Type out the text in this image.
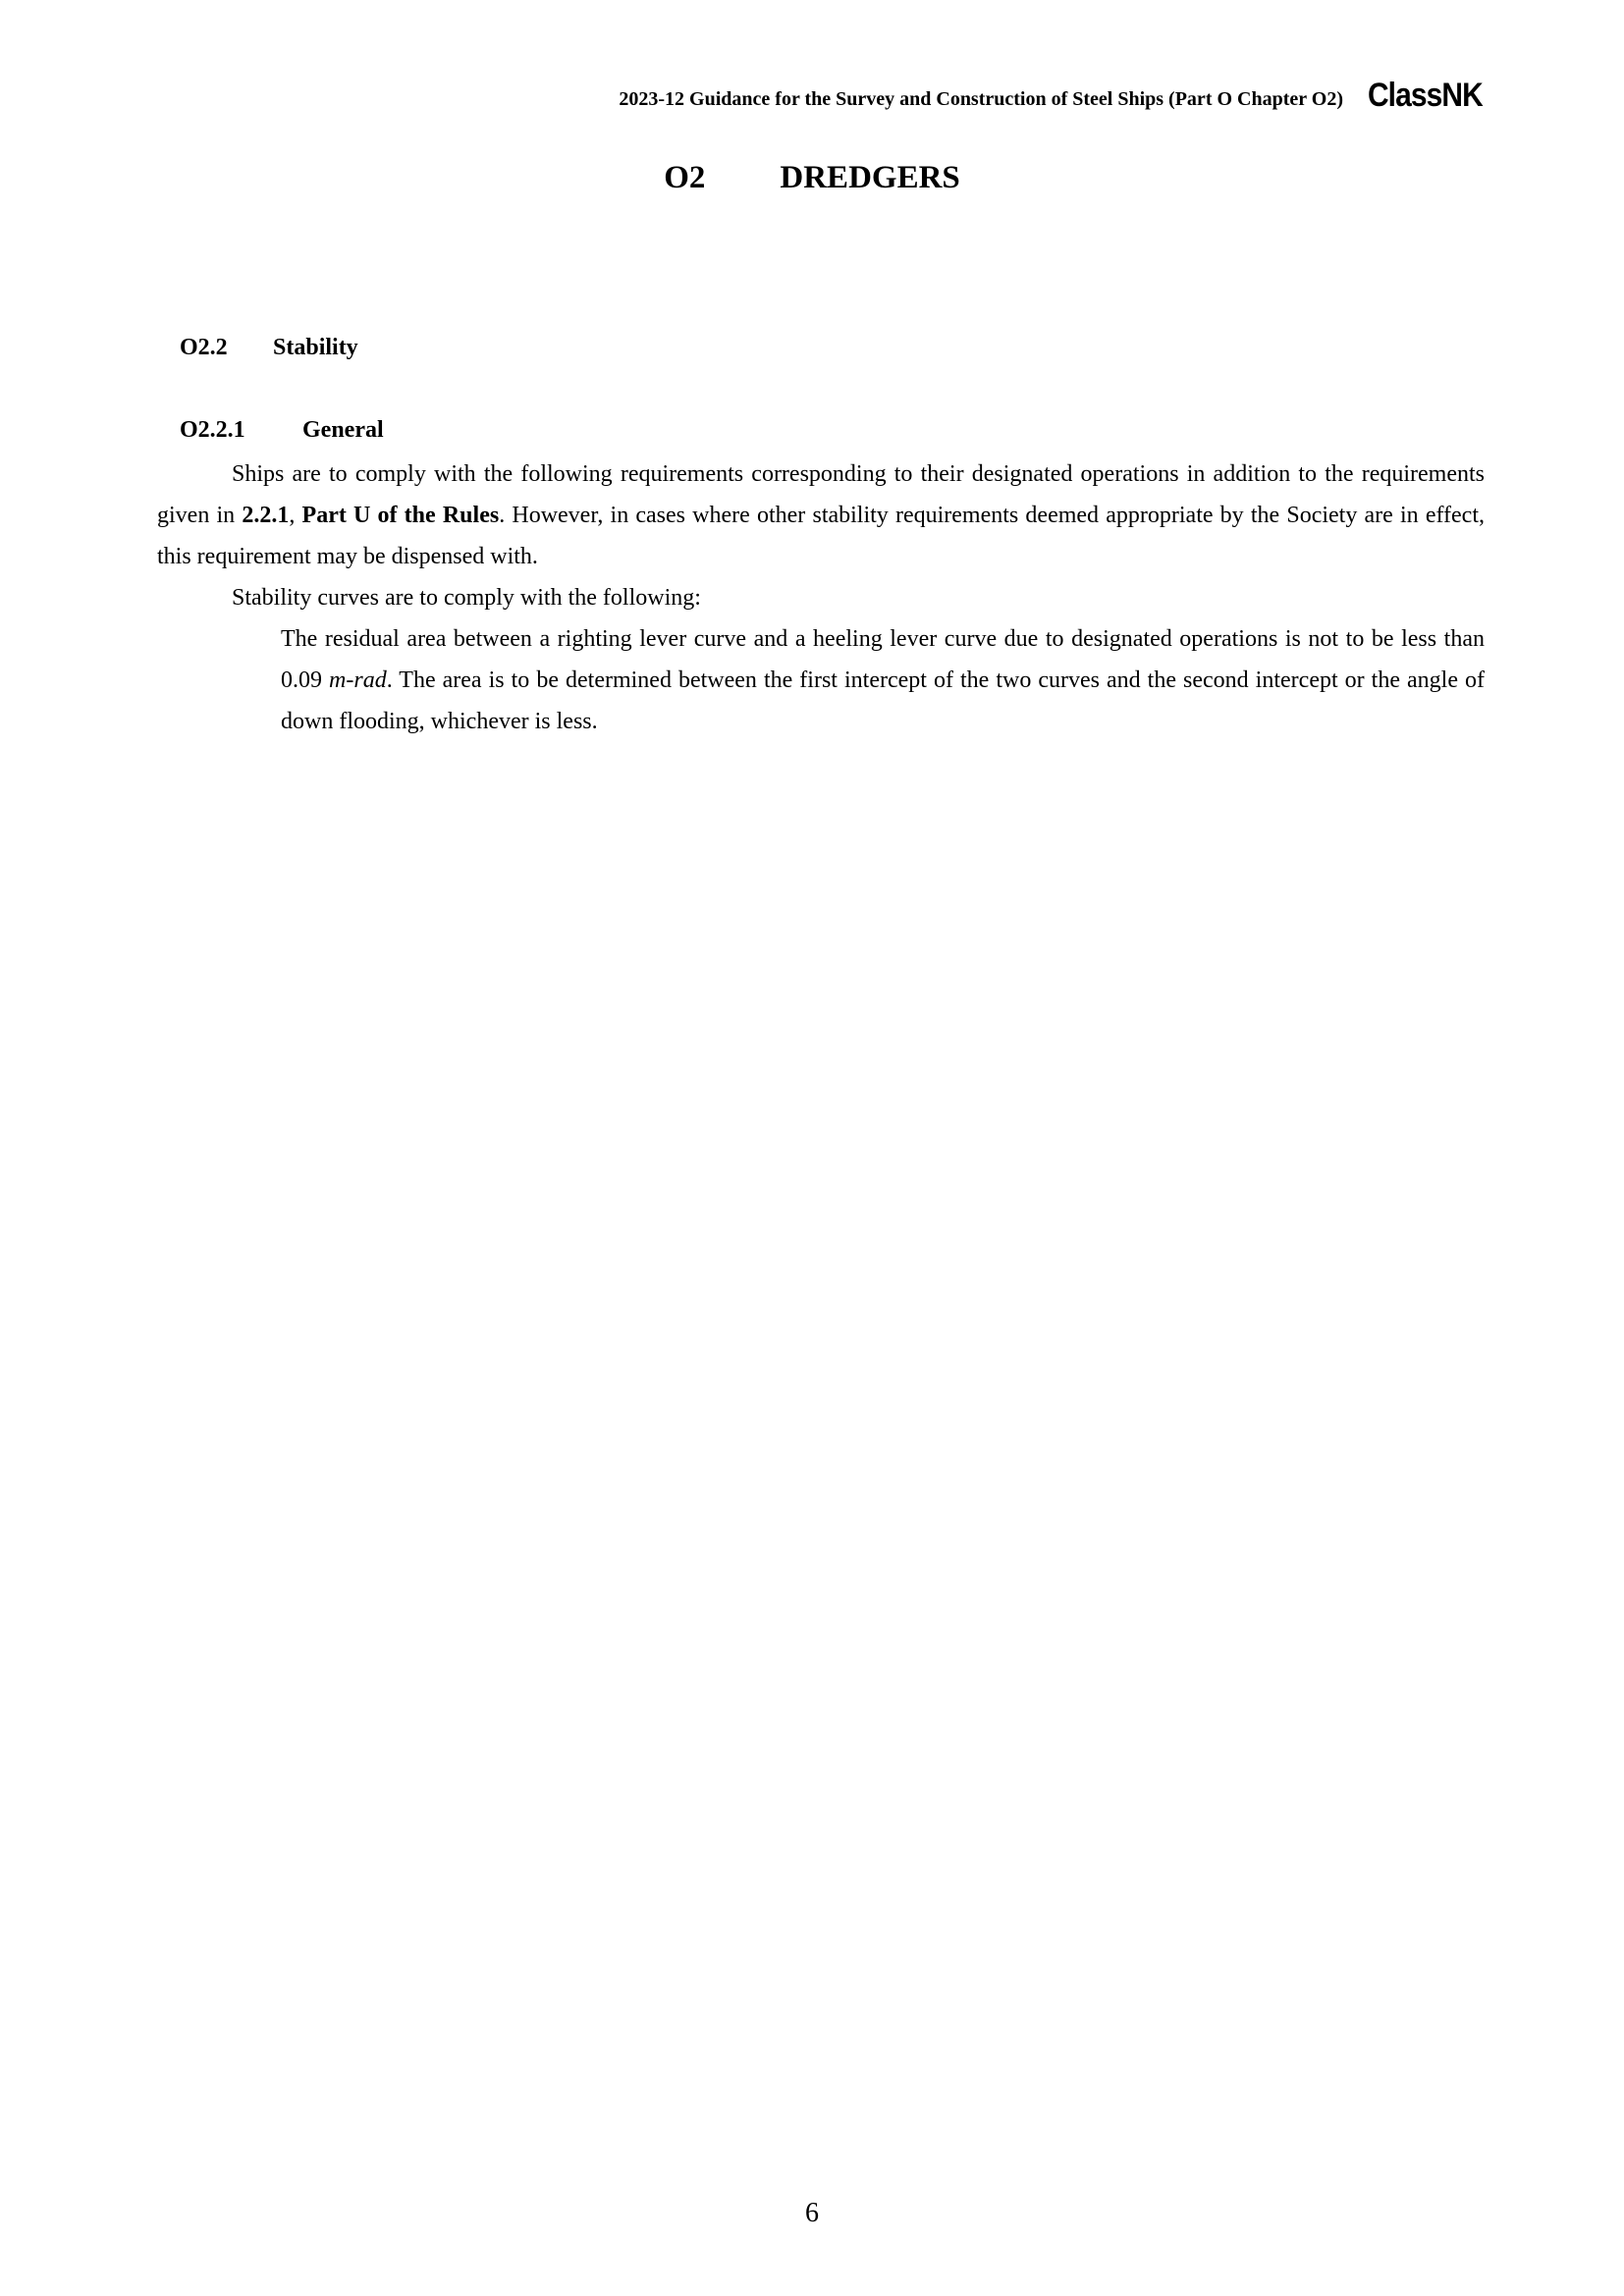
2023-12 Guidance for the Survey and Construction of Steel Ships (Part O Chapter O2) ClassNK
O2 DREDGERS
O2.2 Stability
O2.2.1 General

Ships are to comply with the following requirements corresponding to their designated operations in addition to the requirements given in 2.2.1, Part U of the Rules. However, in cases where other stability requirements deemed appropriate by the Society are in effect, this requirement may be dispensed with.

Stability curves are to comply with the following:

The residual area between a righting lever curve and a heeling lever curve due to designated operations is not to be less than 0.09 m-rad. The area is to be determined between the first intercept of the two curves and the second intercept or the angle of down flooding, whichever is less.

6
